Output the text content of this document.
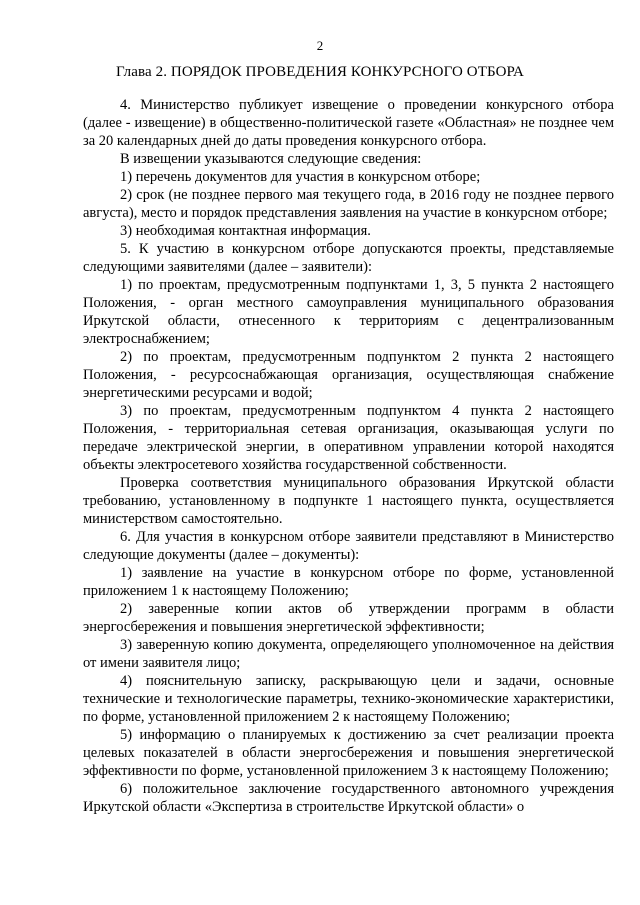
2
Глава 2. ПОРЯДОК ПРОВЕДЕНИЯ КОНКУРСНОГО ОТБОРА

4. Министерство публикует извещение о проведении конкурсного отбора (далее - извещение) в общественно-политической газете «Областная» не позднее чем за 20 календарных дней до даты проведения конкурсного отбора.

В извещении указываются следующие сведения:

1) перечень документов для участия в конкурсном отборе;

2) срок (не позднее первого мая текущего года, в 2016 году не позднее первого августа), место и порядок представления заявления на участие в конкурсном отборе;

3) необходимая контактная информация.

5. К участию в конкурсном отборе допускаются проекты, представляемые следующими заявителями (далее – заявители):

1) по проектам, предусмотренным подпунктами 1, 3, 5 пункта 2 настоящего Положения, - орган местного самоуправления муниципального образования Иркутской области, отнесенного к территориям с децентрализованным электроснабжением;

2) по проектам, предусмотренным подпунктом 2 пункта 2 настоящего Положения, - ресурсоснабжающая организация, осуществляющая снабжение энергетическими ресурсами и водой;

3) по проектам, предусмотренным подпунктом 4 пункта 2 настоящего Положения, - территориальная сетевая организация, оказывающая услуги по передаче электрической энергии, в оперативном управлении которой находятся объекты электросетевого хозяйства государственной собственности.

Проверка соответствия муниципального образования Иркутской области требованию, установленному в подпункте 1 настоящего пункта, осуществляется министерством самостоятельно.

6. Для участия в конкурсном отборе заявители представляют в Министерство следующие документы (далее – документы):

1) заявление на участие в конкурсном отборе по форме, установленной приложением 1 к настоящему Положению;

2) заверенные копии актов об утверждении программ в области энергосбережения и повышения энергетической эффективности;

3) заверенную копию документа, определяющего уполномоченное на действия от имени заявителя лицо;

4) пояснительную записку, раскрывающую цели и задачи, основные технические и технологические параметры, технико-экономические характеристики, по форме, установленной приложением 2 к настоящему Положению;

5) информацию о планируемых к достижению за счет реализации проекта целевых показателей в области энергосбережения и повышения энергетической эффективности по форме, установленной приложением 3 к настоящему Положению;

6) положительное заключение государственного автономного учреждения Иркутской области «Экспертиза в строительстве Иркутской области» о
